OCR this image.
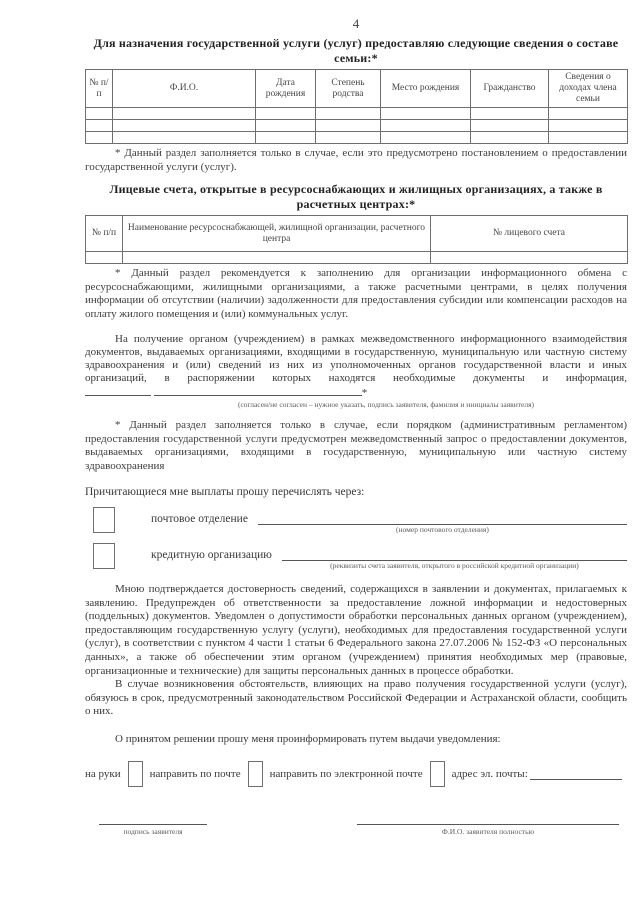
4
Для назначения государственной услуги (услуг) предоставляю следующие сведения о составе семьи:*
№ п/п	Ф.И.О.	Дата рождения	Степень родства	Место рождения	Гражданство	Сведения о доходах члена семьи

* Данный раздел заполняется только в случае, если это предусмотрено постановлением о предоставлении государственной услуги (услуг).
Лицевые счета, открытые в ресурсоснабжающих и жилищных организациях, а также в расчетных центрах:*
№ п/п	Наименование ресурсоснабжающей, жилищной организации, расчетного центра	№ лицевого счета

* Данный раздел рекомендуется к заполнению для организации информационного обмена с ресурсоснабжающими, жилищными организациями, а также расчетными центрами, в целях получения информации об отсутствии (наличии) задолженности для предоставления субсидии или компенсации расходов на оплату жилого помещения и (или) коммунальных услуг.
На получение органом (учреждением) в рамках межведомственного информационного взаимодействия документов, выдаваемых организациями, входящими в государственную, муниципальную или частную систему здравоохранения и (или) сведений из них из уполномоченных органов государственной власти и иных организаций, в распоряжении которых находятся необходимые документы и информация,  *
(согласен/не согласен – нужное указать, подпись заявителя, фамилия и инициалы заявителя)
* Данный раздел заполняется только в случае, если порядком (административным регламентом) предоставления государственной услуги предусмотрен межведомственный запрос о предоставлении документов, выдаваемых организациями, входящими в государственную, муниципальную или частную систему здравоохранения
Причитающиеся мне выплаты прошу перечислять через:
почтовое отделение
(номер почтового отделения)
кредитную организацию
(реквизиты счета заявителя, открытого в российской кредитной организации)

Мною подтверждается достоверность сведений, содержащихся в заявлении и документах, прилагаемых к заявлению. Предупрежден об ответственности за предоставление ложной информации и недостоверных (поддельных) документов. Уведомлен о допустимости обработки персональных данных органом (учреждением), предоставляющим государственную услугу (услуги), необходимых для предоставления государственной услуги (услуг), в соответствии с пунктом 4 части 1 статьи 6 Федерального закона 27.07.2006 № 152-ФЗ «О персональных данных», а также об обеспечении этим органом (учреждением) принятия необходимых мер (правовые, организационные и технические) для защиты персональных данных в процессе обработки.

В случае возникновения обстоятельств, влияющих на право получения государственной услуги (услуг), обязуюсь в срок, предусмотренный законодательством Российской Федерации и Астраханской области, сообщить о них.

О принятом решении прошу меня проинформировать путем выдачи уведомления:
на руки	направить по почте	направить по электронной почте	адрес эл. почты:
подпись заявителя	Ф.И.О. заявителя полностью
